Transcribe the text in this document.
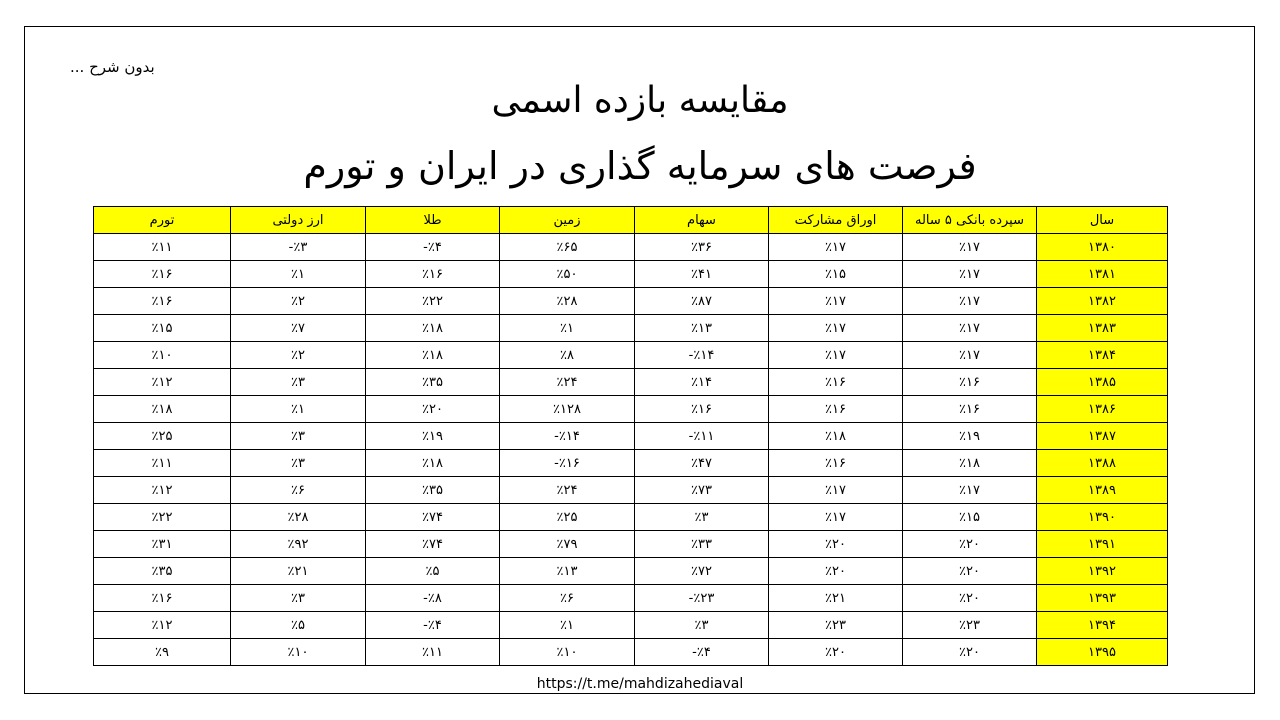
بدون شرح ...
مقایسه بازده اسمی
فرصت های سرمایه گذاری در ایران و تورم
سال	سپرده بانکی ۵ ساله	اوراق مشارکت	سهام	زمین	طلا	ارز دولتی	تورم
۱۳۸۰	٪۱۷	٪۱۷	٪۳۶	٪۶۵	٪۴-	٪۳-	٪۱۱
۱۳۸۱	٪۱۷	٪۱۵	٪۴۱	٪۵۰	٪۱۶	٪۱	٪۱۶
۱۳۸۲	٪۱۷	٪۱۷	٪۸۷	٪۲۸	٪۲۲	٪۲	٪۱۶
۱۳۸۳	٪۱۷	٪۱۷	٪۱۳	٪۱	٪۱۸	٪۷	٪۱۵
۱۳۸۴	٪۱۷	٪۱۷	٪۱۴-	٪۸	٪۱۸	٪۲	٪۱۰
۱۳۸۵	٪۱۶	٪۱۶	٪۱۴	٪۲۴	٪۳۵	٪۳	٪۱۲
۱۳۸۶	٪۱۶	٪۱۶	٪۱۶	٪۱۲۸	٪۲۰	٪۱	٪۱۸
۱۳۸۷	٪۱۹	٪۱۸	٪۱۱-	٪۱۴-	٪۱۹	٪۳	٪۲۵
۱۳۸۸	٪۱۸	٪۱۶	٪۴۷	٪۱۶-	٪۱۸	٪۳	٪۱۱
۱۳۸۹	٪۱۷	٪۱۷	٪۷۳	٪۲۴	٪۳۵	٪۶	٪۱۲
۱۳۹۰	٪۱۵	٪۱۷	٪۳	٪۲۵	٪۷۴	٪۲۸	٪۲۲
۱۳۹۱	٪۲۰	٪۲۰	٪۳۳	٪۷۹	٪۷۴	٪۹۲	٪۳۱
۱۳۹۲	٪۲۰	٪۲۰	٪۷۲	٪۱۳	٪۵	٪۲۱	٪۳۵
۱۳۹۳	٪۲۰	٪۲۱	٪۲۳-	٪۶	٪۸-	٪۳	٪۱۶
۱۳۹۴	٪۲۳	٪۲۳	٪۳	٪۱	٪۴-	٪۵	٪۱۲
۱۳۹۵	٪۲۰	٪۲۰	٪۴-	٪۱۰	٪۱۱	٪۱۰	٪۹
https://t.me/mahdizahediaval
